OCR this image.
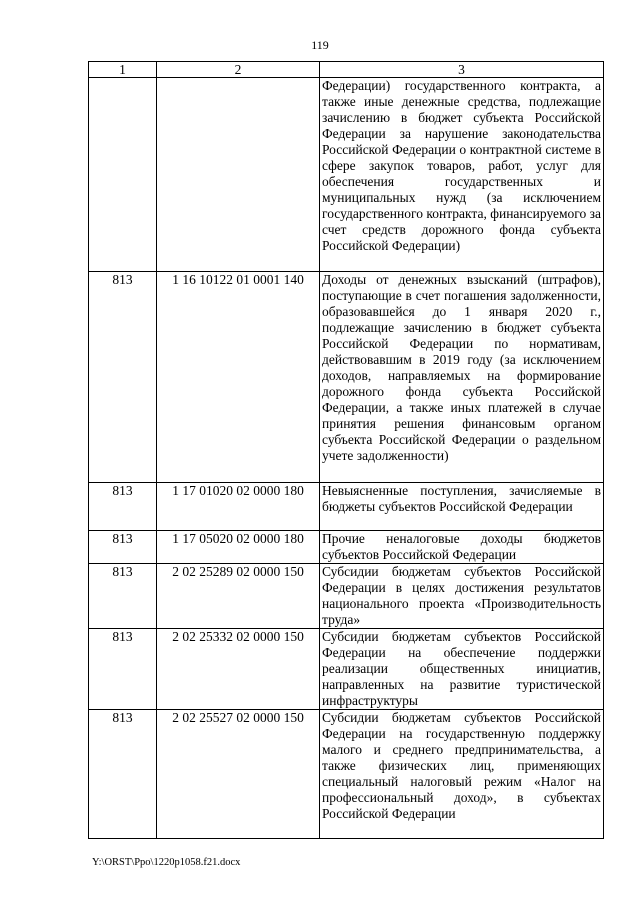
119
1	2	3
		Федерации) государственного контракта, а также иные денежные средства, подлежащие зачислению в бюджет субъекта Российской Федерации за нарушение законодательства Российской Федерации о контрактной системе в сфере закупок товаров, работ, услуг для обеспечения государственных и муниципальных нужд (за исключением государственного контракта, финансируемого за счет средств дорожного фонда субъекта Российской Федерации)
813	1 16 10122 01 0001 140	Доходы от денежных взысканий (штрафов), поступающие в счет погашения задолженности, образовавшейся до 1 января 2020 г., подлежащие зачислению в бюджет субъекта Российской Федерации по нормативам, действовавшим в 2019 году (за исключением доходов, направляемых на формирование дорожного фонда субъекта Российской Федерации, а также иных платежей в случае принятия решения финансовым органом субъекта Российской Федерации о раздельном учете задолженности)
813	1 17 01020 02 0000 180	Невыясненные поступления, зачисляемые в бюджеты субъектов Российской Федерации
813	1 17 05020 02 0000 180	Прочие неналоговые доходы бюджетов субъектов Российской Федерации
813	2 02 25289 02 0000 150	Субсидии бюджетам субъектов Российской Федерации в целях достижения результатов национального проекта «Производительность труда»
813	2 02 25332 02 0000 150	Субсидии бюджетам субъектов Российской Федерации на обеспечение поддержки реализации общественных инициатив, направленных на развитие туристической инфраструктуры
813	2 02 25527 02 0000 150	Субсидии бюджетам субъектов Российской Федерации на государственную поддержку малого и среднего предпринимательства, а также физических лиц, применяющих специальный налоговый режим «Налог на профессиональный доход», в субъектах Российской Федерации
Y:\ORST\Ppo\1220p1058.f21.docx
